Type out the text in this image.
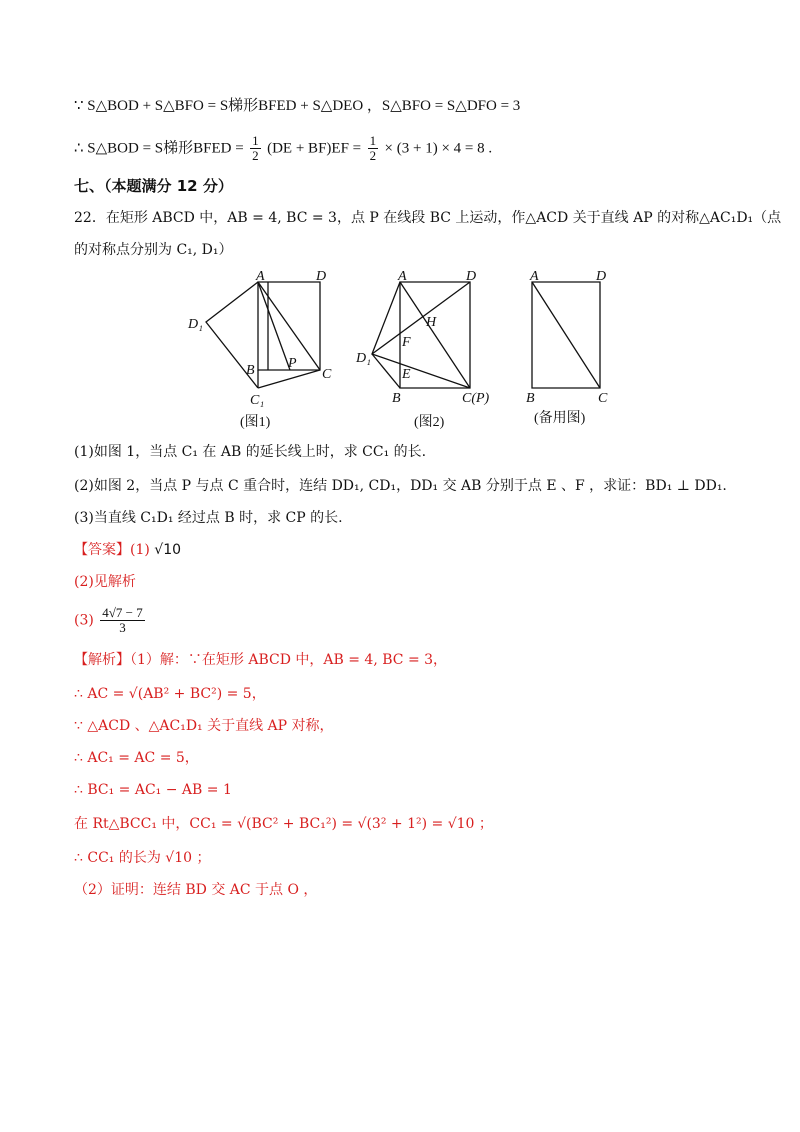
∵ S△BOD + S△BFO = S梯形BFED + S△DEO ，S△BFO = S△DFO = 3
∴ S△BOD = S梯形BFED = $\frac{1}{2} (DE + BF)EF = \frac{1}{2} \times (3 + 1) \times 4 = 8$ .
七、（本题满分 12 分）
22．在矩形 ABCD 中，AB = 4, BC = 3，点 P 在线段 BC 上运动，作△ACD 关于直线 AP 的对称△AC₁D₁（点
的对称点分别为 C₁, D₁）
A	D
D₁
B P
C
C₁
(图1)
A	D
H
F
D₁
E
B	C(P)
(图2)
A	D
B	C
(备用图)
(1)如图 1，当点 C₁ 在 AB 的延长线上时，求 CC₁ 的长.
(2)如图 2，当点 P 与点 C 重合时，连结 DD₁, CD₁，DD₁ 交 AB 分别于点 E 、F ，求证：BD₁ ⊥ DD₁.
(3)当直线 C₁D₁ 经过点 B 时，求 CP 的长.
【答案】(1) √10
(2)见解析
$(3) \frac{4√7 - 7}{3}$
【解析】（1）解：∵在矩形 ABCD 中，AB = 4, BC = 3，
∴ AC = √(AB² + BC²) = 5，
∵ △ACD 、△AC₁D₁ 关于直线 AP 对称，
∴ AC₁ = AC = 5，
∴ BC₁ = AC₁ − AB = 1
在 Rt△BCC₁ 中，CC₁ = √(BC² + BC₁²) = √(3² + 1²) = √10 ；
∴ CC₁ 的长为 √10 ；
（2）证明：连结 BD 交 AC 于点 O ，
